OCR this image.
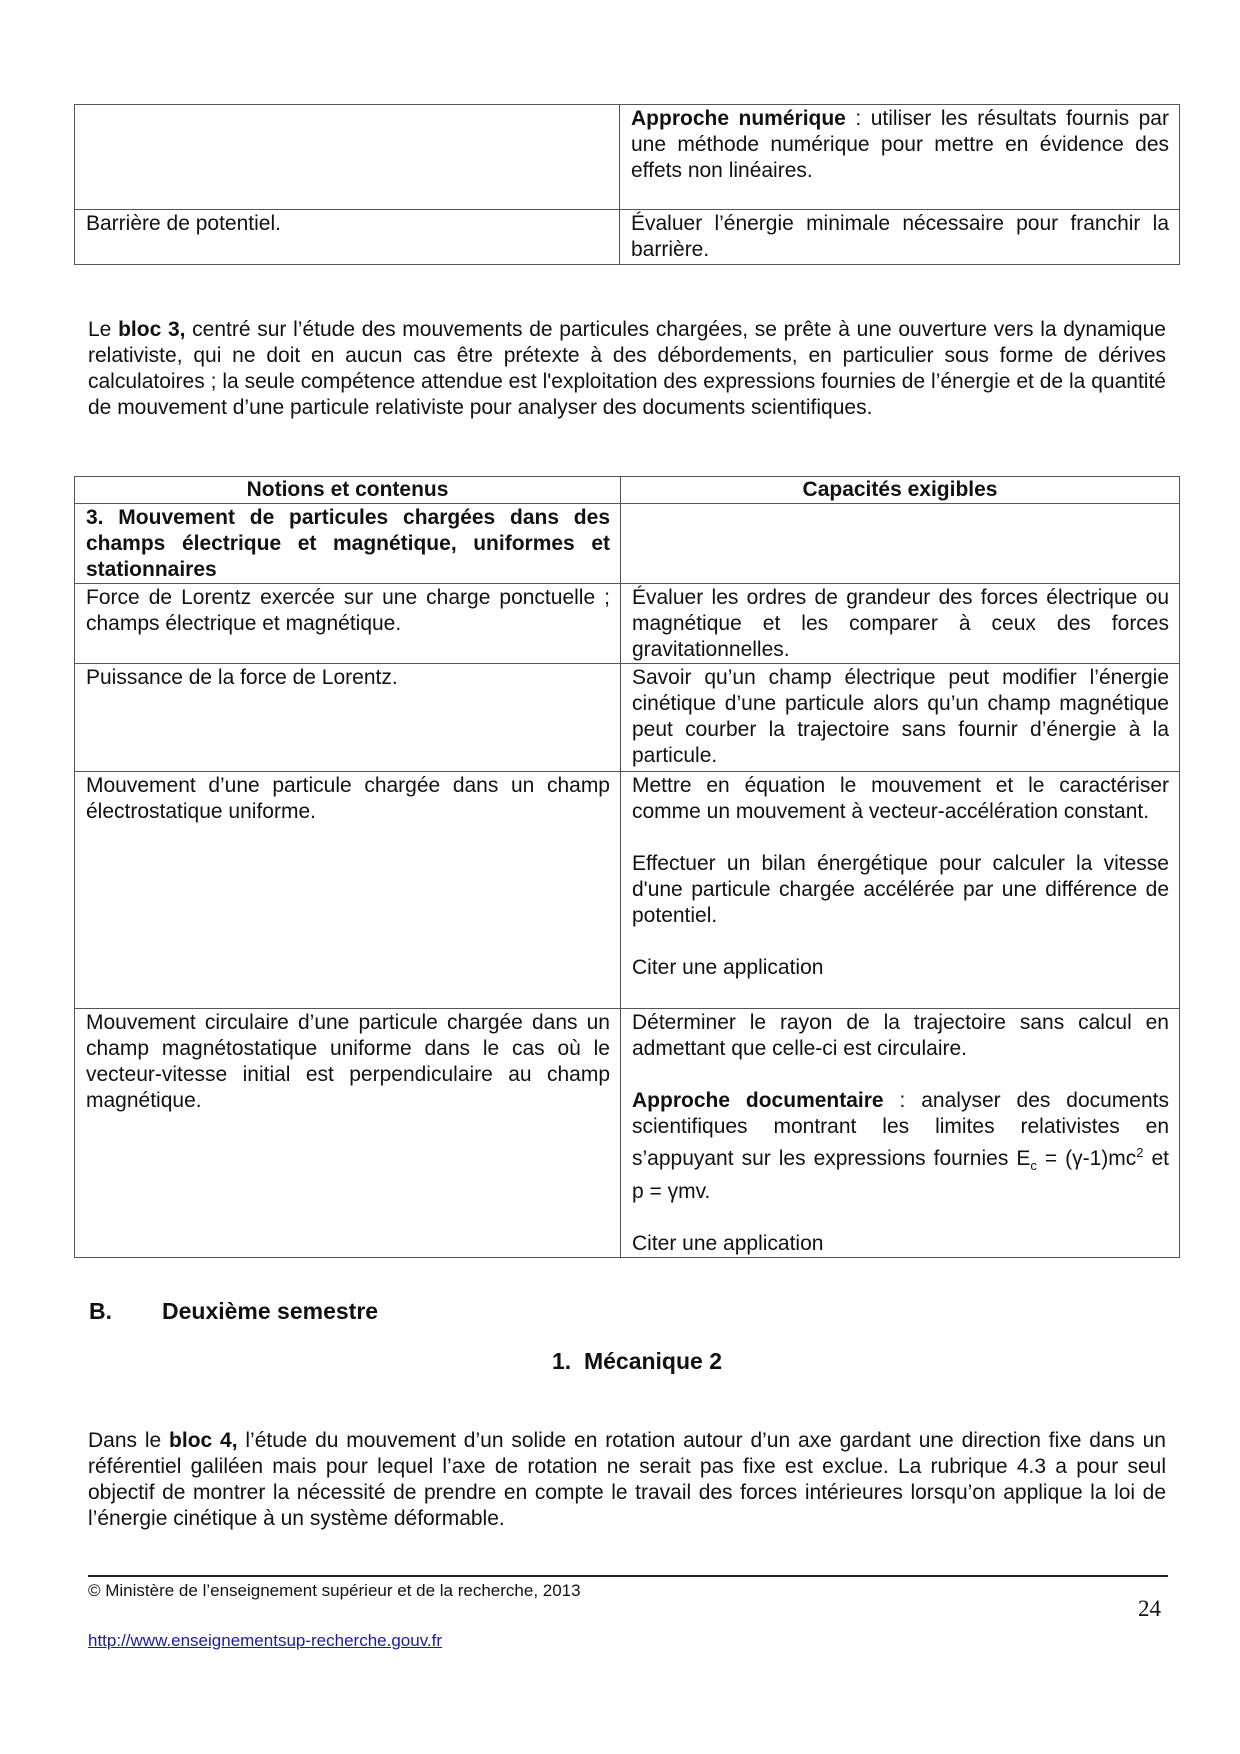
	Approche numérique : utiliser les résultats fournis par une méthode numérique pour mettre en évidence des effets non linéaires.
Barrière de potentiel.	Évaluer l’énergie minimale nécessaire pour franchir la barrière.
Le bloc 3, centré sur l’étude des mouvements de particules chargées, se prête à une ouverture vers la dynamique relativiste, qui ne doit en aucun cas être prétexte à des débordements, en particulier sous forme de dérives calculatoires ; la seule compétence attendue est l'exploitation des expressions fournies de l’énergie et de la quantité de mouvement d’une particule relativiste pour analyser des documents scientifiques.
Notions et contenus	Capacités exigibles
3. Mouvement de particules chargées dans des champs électrique et magnétique, uniformes et stationnaires	
Force de Lorentz exercée sur une charge ponctuelle ; champs électrique et magnétique.	Évaluer les ordres de grandeur des forces électrique ou magnétique et les comparer à ceux des forces gravitationnelles.
Puissance de la force de Lorentz.	Savoir qu’un champ électrique peut modifier l’énergie cinétique d’une particule alors qu’un champ magnétique peut courber la trajectoire sans fournir d’énergie à la particule.
Mouvement d’une particule chargée dans un champ électrostatique uniforme.	Mettre en équation le mouvement et le caractériser comme un mouvement à vecteur-accélération constant.
Effectuer un bilan énergétique pour calculer la vitesse d'une particule chargée accélérée par une différence de potentiel.
Citer une application

Mouvement circulaire d’une particule chargée dans un champ magnétostatique uniforme dans le cas où le vecteur-vitesse initial est perpendiculaire au champ magnétique.	Déterminer le rayon de la trajectoire sans calcul en admettant que celle-ci est circulaire.
Approche documentaire : analyser des documents scientifiques montrant les limites relativistes en s’appuyant sur les expressions fournies $E_c = (\gamma-1)mc^2$ et p = γmv.
Citer une application
B. Deuxième semestre
1.  Mécanique 2
Dans le bloc 4, l’étude du mouvement d’un solide en rotation autour d’un axe gardant une direction fixe dans un référentiel galiléen mais pour lequel l’axe de rotation ne serait pas fixe est exclue. La rubrique 4.3 a pour seul objectif de montrer la nécessité de prendre en compte le travail des forces intérieures lorsqu’on applique la loi de l’énergie cinétique à un système déformable.
© Ministère de l’enseignement supérieur et de la recherche, 2013
24
http://www.enseignementsup-recherche.gouv.fr
